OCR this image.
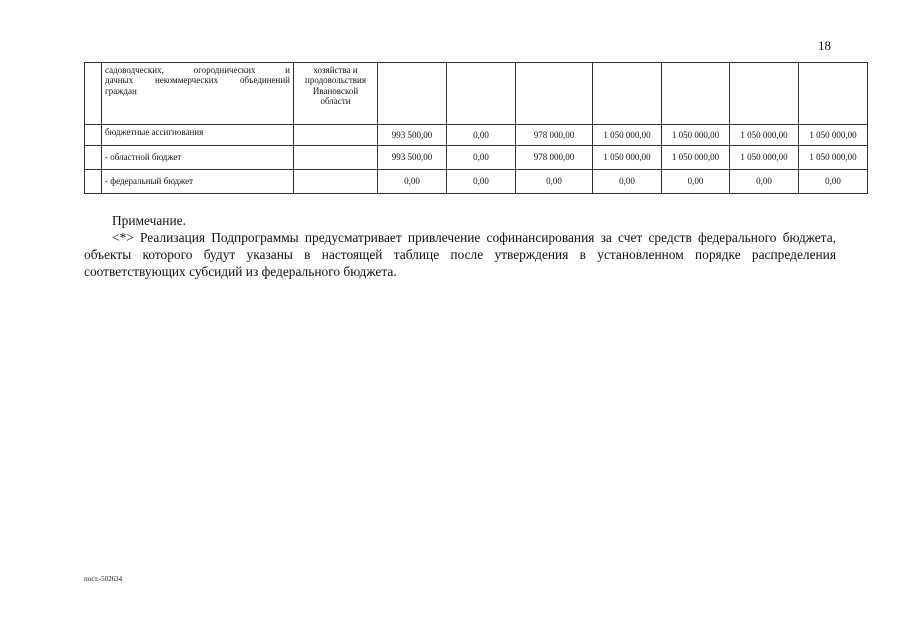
18

	садоводческих, огороднических и
дачных некоммерческих объединений
граждан	хозяйства и продовольствия Ивановской области							
	бюджетные ассигнования		993 500,00	0,00	978 000,00	1 050 000,00	1 050 000,00	1 050 000,00	1 050 000,00
	- областной бюджет		993 500,00	0,00	978 000,00	1 050 000,00	1 050 000,00	1 050 000,00	1 050 000,00
	- федеральный бюджет		0,00	0,00	0,00	0,00	0,00	0,00	0,00

Примечание.

<*> Реализация Подпрограммы предусматривает привлечение софинансирования за счет средств федерального бюджета, объекты которого будут указаны в настоящей таблице после утверждения в установленном порядке распределения соответствующих субсидий из федерального бюджета.

пост.-502634
